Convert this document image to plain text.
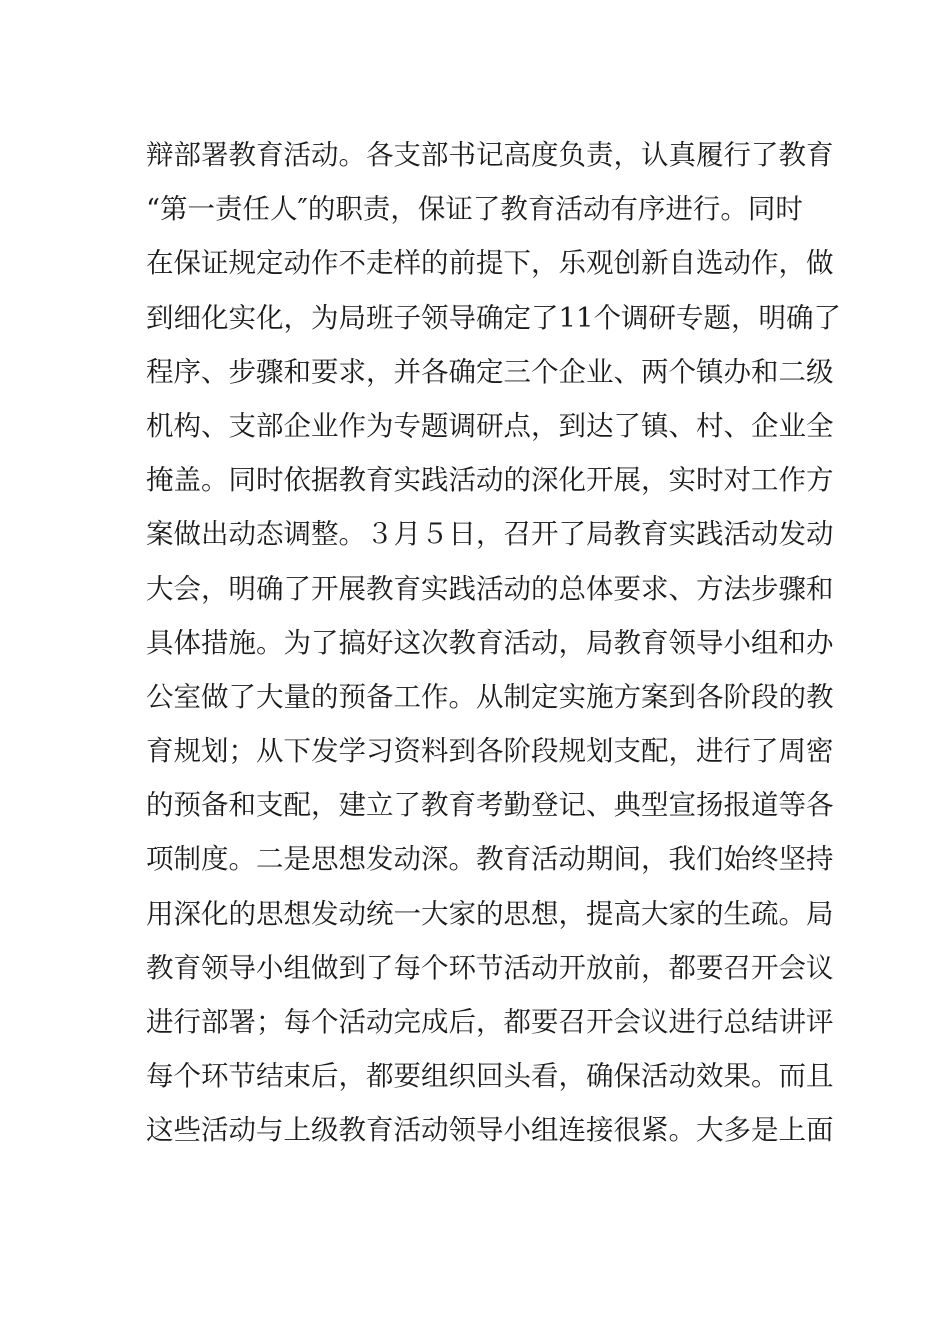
辩部署教育活动。各支部书记高度负责，认真履行了教育
“第一责任人″的职责，保证了教育活动有序进行。同时
在保证规定动作不走样的前提下，乐观创新自选动作，做
到细化实化，为局班子领导确定了11个调研专题，明确了
程序、步骤和要求，并各确定三个企业、两个镇办和二级
机构、支部企业作为专题调研点，到达了镇、村、企业全
掩盖。同时依据教育实践活动的深化开展，实时对工作方
案做出动态调整。３月５日，召开了局教育实践活动发动
大会，明确了开展教育实践活动的总体要求、方法步骤和
具体措施。为了搞好这次教育活动，局教育领导小组和办
公室做了大量的预备工作。从制定实施方案到各阶段的教
育规划；从下发学习资料到各阶段规划支配，进行了周密
的预备和支配，建立了教育考勤登记、典型宣扬报道等各
项制度。二是思想发动深。教育活动期间，我们始终坚持
用深化的思想发动统一大家的思想，提高大家的生疏。局
教育领导小组做到了每个环节活动开放前，都要召开会议
进行部署；每个活动完成后，都要召开会议进行总结讲评
每个环节结束后，都要组织回头看，确保活动效果。而且
这些活动与上级教育活动领导小组连接很紧。大多是上面
